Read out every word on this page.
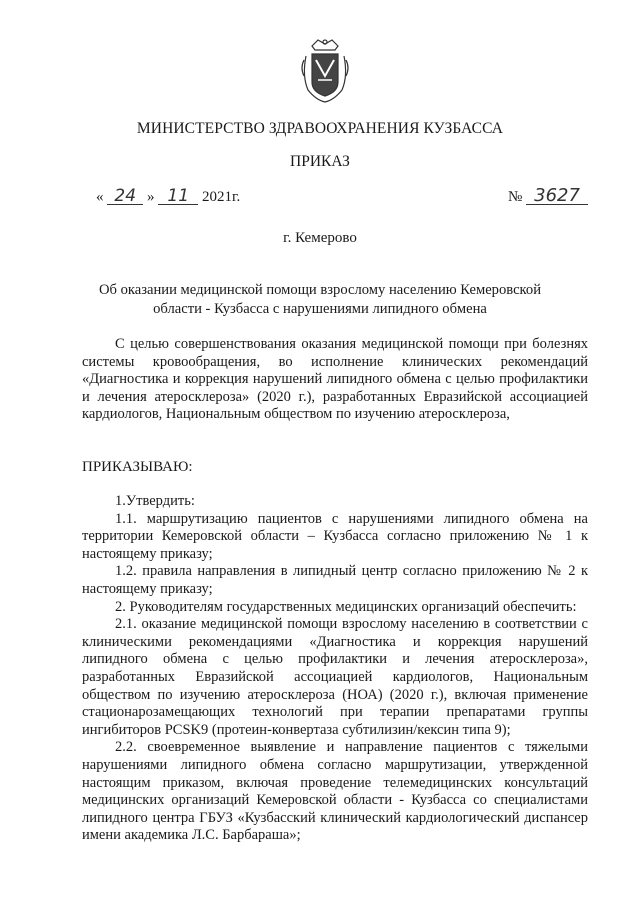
МИНИСТЕРСТВО ЗДРАВООХРАНЕНИЯ КУЗБАССА
ПРИКАЗ
« 24 » 11 2021г.	№ 3627
г. Кемерово
Об оказании медицинской помощи взрослому населению Кемеровской
области - Кузбасса с нарушениями липидного обмена

С целью совершенствования оказания медицинской помощи при болезнях системы кровообращения, во исполнение клинических рекомендаций «Диагностика и коррекция нарушений липидного обмена с целью профилактики и лечения атеросклероза» (2020 г.), разработанных Евразийской ассоциацией кардиологов, Национальным обществом по изучению атеросклероза,

ПРИКАЗЫВАЮ:

1.Утвердить:

1.1. маршрутизацию пациентов с нарушениями липидного обмена на территории Кемеровской области – Кузбасса согласно приложению № 1 к настоящему приказу;

1.2. правила направления в липидный центр согласно приложению № 2 к настоящему приказу;

2. Руководителям государственных медицинских организаций обеспечить:

2.1. оказание медицинской помощи взрослому населению в соответствии с клиническими рекомендациями «Диагностика и коррекция нарушений липидного обмена с целью профилактики и лечения атеросклероза», разработанных Евразийской ассоциацией кардиологов, Национальным обществом по изучению атеросклероза (НОА) (2020 г.), включая применение стационарозамещающих технологий при терапии препаратами группы ингибиторов PCSK9 (протеин-конвертаза субтилизин/кексин типа 9);

2.2. своевременное выявление и направление пациентов с тяжелыми нарушениями липидного обмена согласно маршрутизации, утвержденной настоящим приказом, включая проведение телемедицинских консультаций медицинских организаций Кемеровской области - Кузбасса со специалистами липидного центра ГБУЗ «Кузбасский клинический кардиологический диспансер имени академика Л.С. Барбараша»;
